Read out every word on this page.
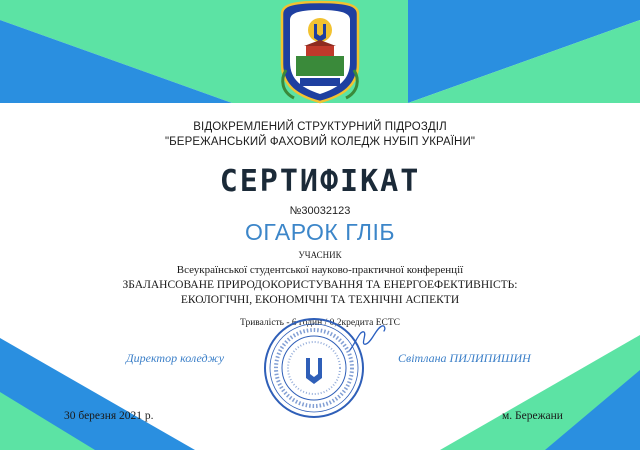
ВІДОКРЕМЛЕНИЙ СТРУКТУРНИЙ ПІДРОЗДІЛ
"БЕРЕЖАНСЬКИЙ ФАХОВИЙ КОЛЕДЖ НУБІП УКРАЇНИ"
СЕРТИФІКАТ
№30032123
ОГАРОК ГЛІБ
УЧАСНИК
Всеукраїнської студентської науково-практичної конференції
ЗБАЛАНСОВАНЕ ПРИРОДОКОРИСТУВАННЯ ТА ЕНЕРГОЕФЕКТИВНІСТЬ:
ЕКОЛОГІЧНІ, ЕКОНОМІЧНІ ТА ТЕХНІЧНІ АСПЕКТИ
Тривалість - 6 годин / 0,2кредита ЕСТС
Директор коледжу	Світлана ПИЛИПИШИН
30 березня 2021 р.	м. Бережани
